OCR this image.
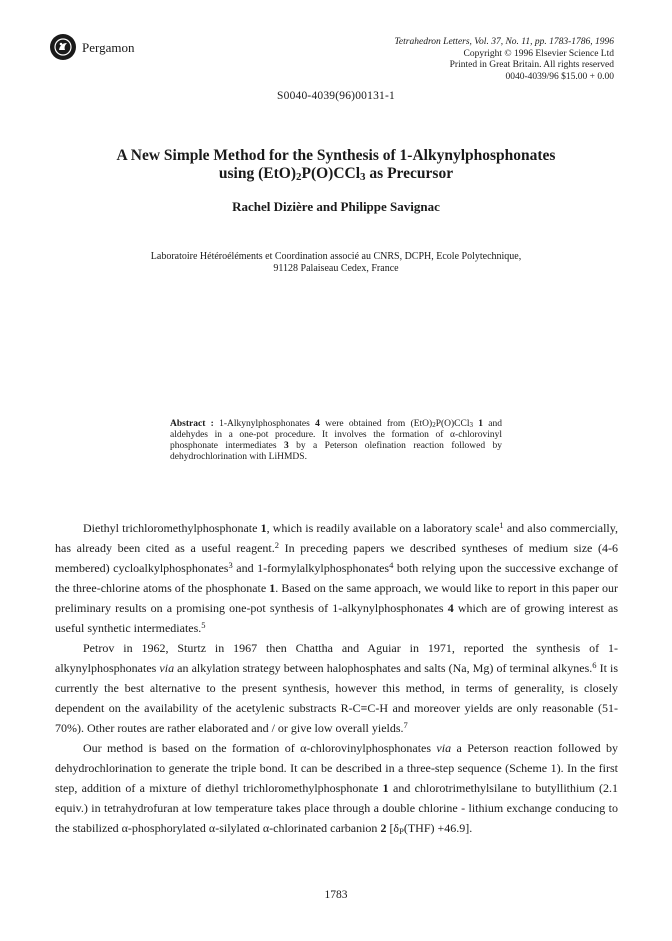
Pergamon	Tetrahedron Letters, Vol. 37, No. 11, pp. 1783-1786, 1996
Copyright © 1996 Elsevier Science Ltd
Printed in Great Britain. All rights reserved
0040-4039/96 $15.00 + 0.00
S0040-4039(96)00131-1
A New Simple Method for the Synthesis of 1-Alkynylphosphonates
using $(EtO)_2P(O)CCl_3$ as Precursor
Rachel Dizière and Philippe Savignac
Laboratoire Hétéroéléments et Coordination associé au CNRS, DCPH, Ecole Polytechnique,
91128 Palaiseau Cedex, France
Abstract : 1-Alkynylphosphonates 4 were obtained from $(EtO)_2P(O)CCl_3$ 1 and aldehydes in a one-pot procedure. It involves the formation of α-chlorovinyl phosphonate intermediates 3 by a Peterson olefination reaction followed by dehydrochlorination with LiHMDS.

Diethyl trichloromethylphosphonate 1, which is readily available on a laboratory scale$^1$ and also commercially, has already been cited as a useful reagent.$^2$ In preceding papers we described syntheses of medium size (4-6 membered) cycloalkylphosphonates$^3$ and 1-formylalkylphosphonates$^4$ both relying upon the successive exchange of the three-chlorine atoms of the phosphonate 1. Based on the same approach, we would like to report in this paper our preliminary results on a promising one-pot synthesis of 1-alkynylphosphonates 4 which are of growing interest as useful synthetic intermediates.$^5$

Petrov in 1962, Sturtz in 1967 then Chattha and Aguiar in 1971, reported the synthesis of 1-alkynylphosphonates via an alkylation strategy between halophosphates and salts (Na, Mg) of terminal alkynes.$^6$ It is currently the best alternative to the present synthesis, however this method, in terms of generality, is closely dependent on the availability of the acetylenic substracts R-C≡C-H and moreover yields are only reasonable (51-70%). Other routes are rather elaborated and / or give low overall yields.$^7$

Our method is based on the formation of α-chlorovinylphosphonates via a Peterson reaction followed by dehydrochlorination to generate the triple bond. It can be described in a three-step sequence (Scheme 1). In the first step, addition of a mixture of diethyl trichloromethylphosphonate 1 and chlorotrimethylsilane to butyllithium (2.1 equiv.) in tetrahydrofuran at low temperature takes place through a double chlorine - lithium exchange conducing to the stabilized α-phosphorylated α-silylated α-chlorinated carbanion 2 $[\delta_P(THF) +46.9]$.

1783
